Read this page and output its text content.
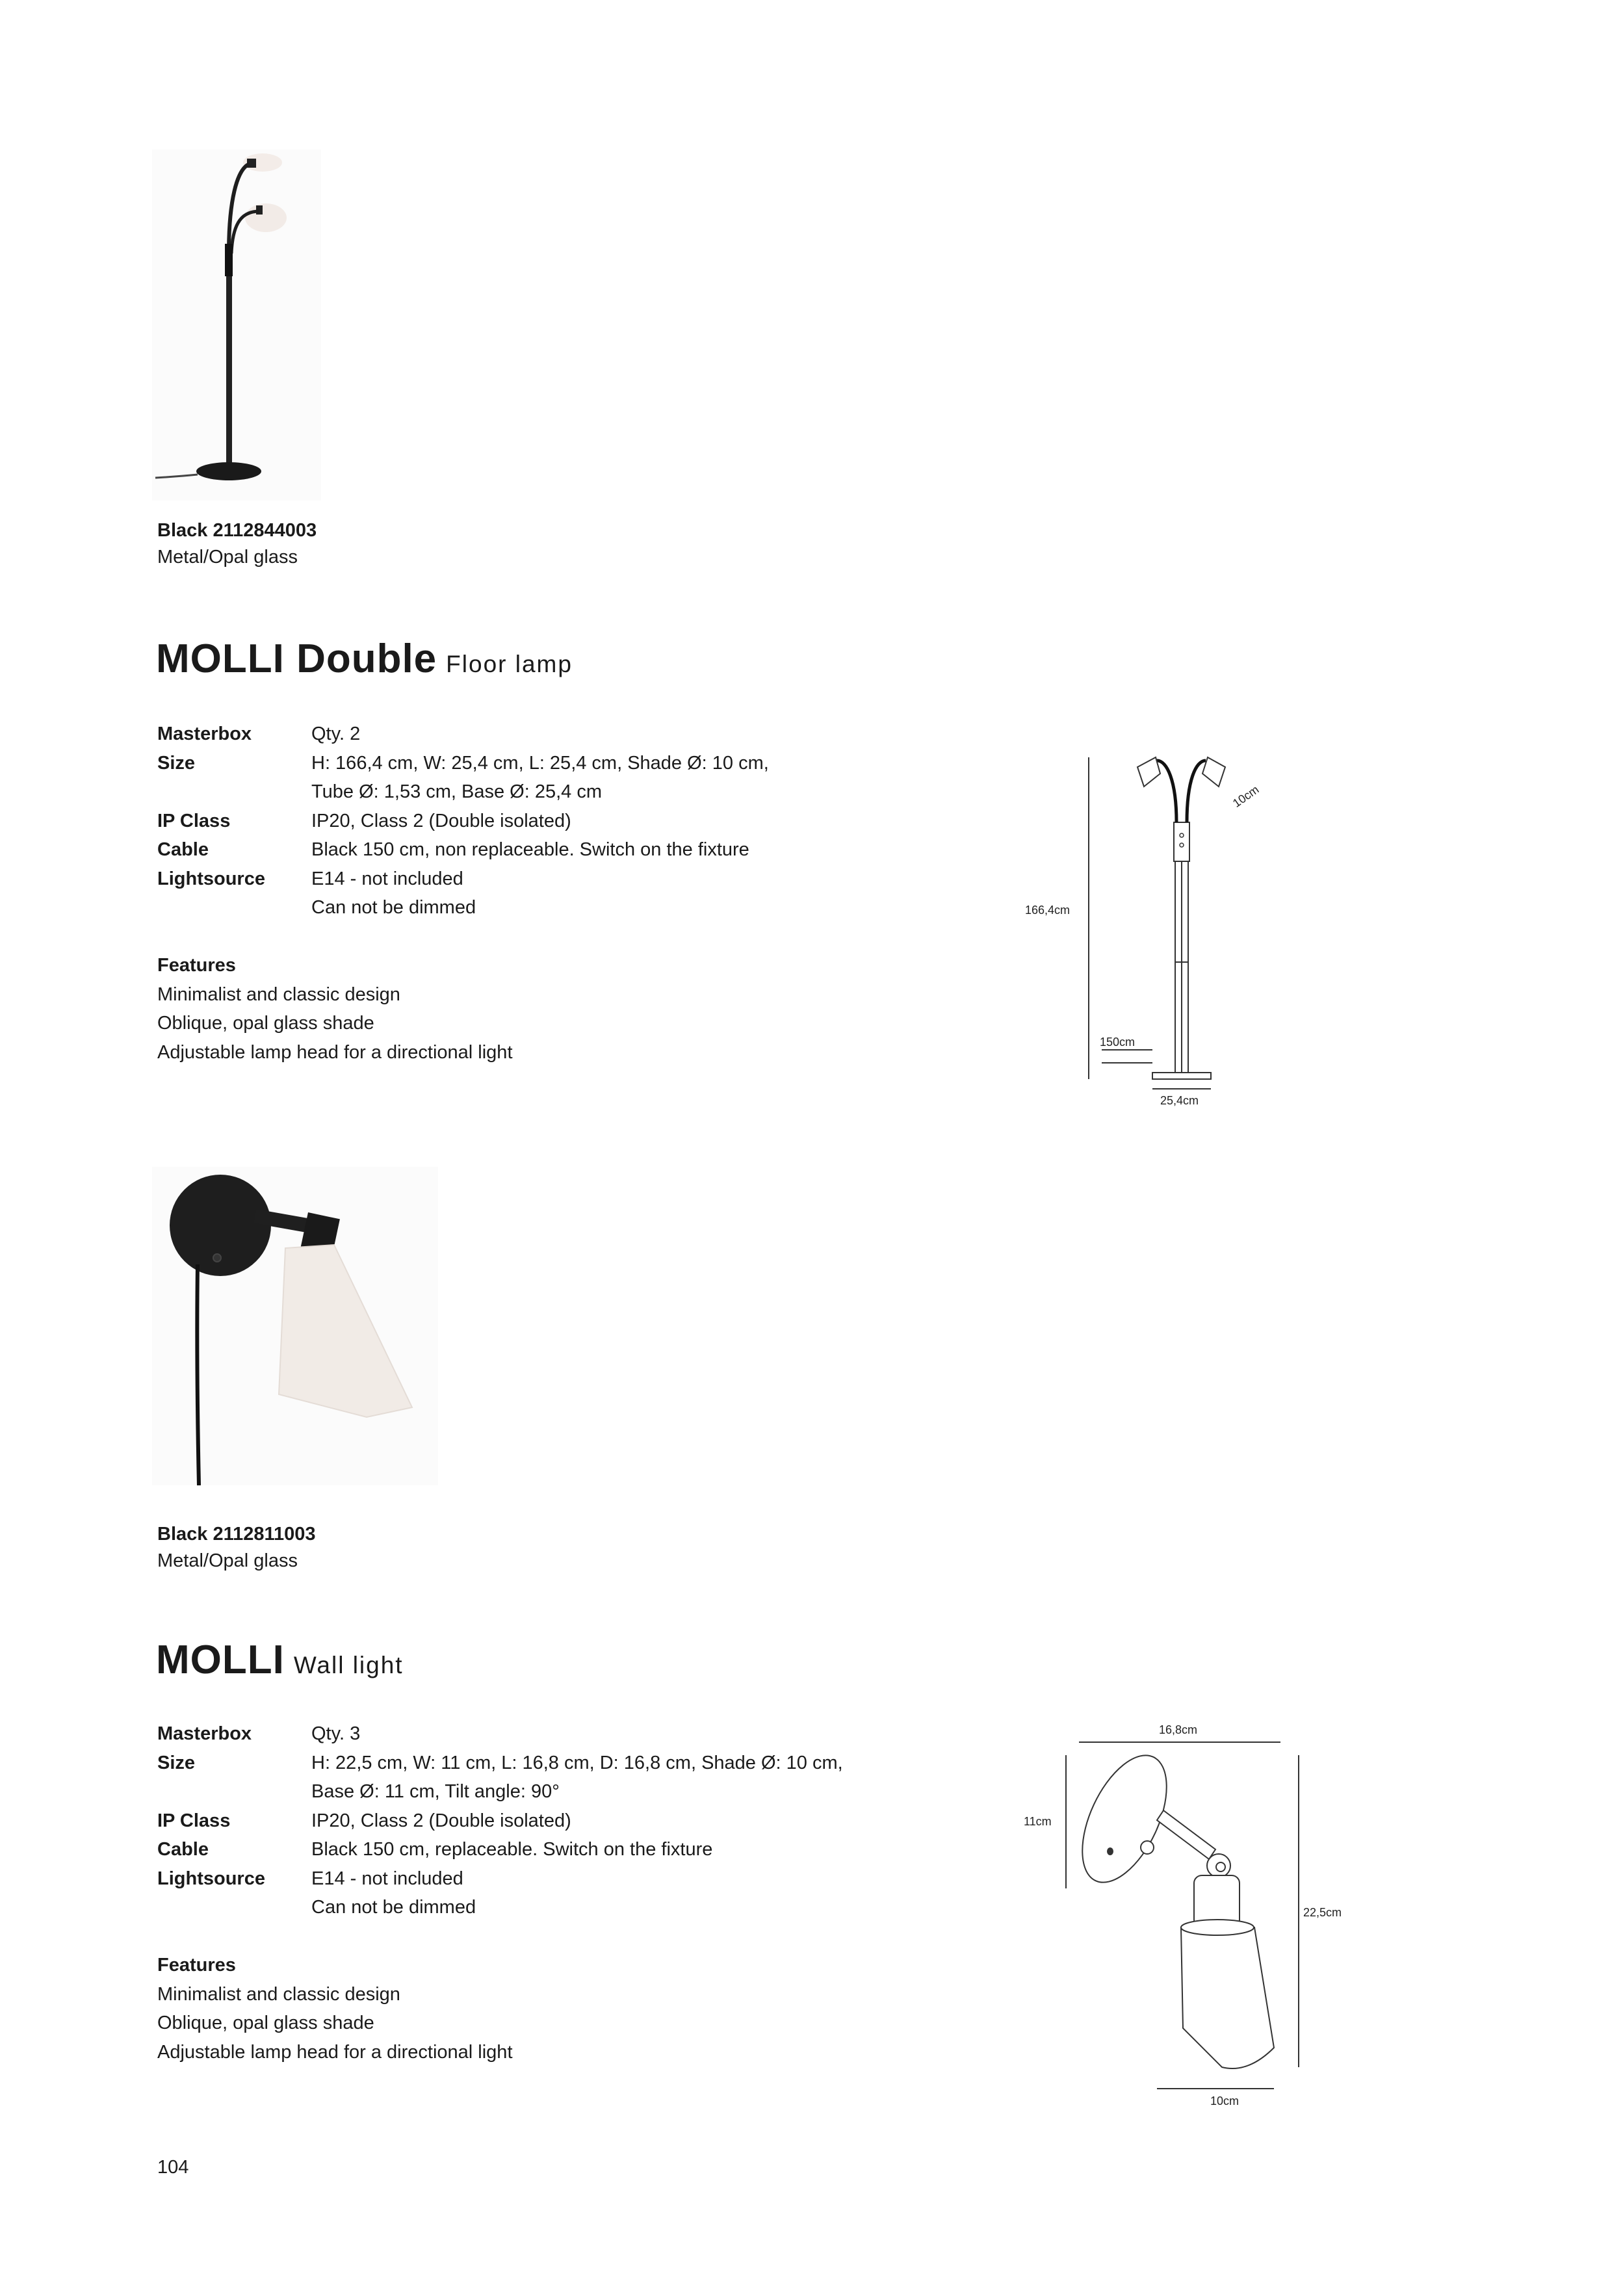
Black 2112844003
Metal/Opal glass
MOLLI Double Floor lamp
Masterbox	Qty. 2
Size	H: 166,4 cm, W: 25,4 cm, L: 25,4 cm, Shade Ø: 10 cm,
Tube Ø: 1,53 cm, Base Ø: 25,4 cm
IP Class	IP20, Class 2 (Double isolated)
Cable	Black 150 cm, non replaceable. Switch on the fixture
Lightsource	E14 - not included
Can not be dimmed
Features
Minimalist and classic design
Oblique, opal glass shade
Adjustable lamp head for a directional light
166,4cm
10cm
150cm
25,4cm
Black 2112811003
Metal/Opal glass
MOLLI Wall light
Masterbox	Qty. 3
Size	H: 22,5 cm, W: 11 cm, L: 16,8 cm, D: 16,8 cm, Shade Ø: 10 cm,
Base Ø: 11 cm, Tilt angle: 90°
IP Class	IP20, Class 2 (Double isolated)
Cable	Black 150 cm, replaceable. Switch on the fixture
Lightsource	E14 - not included
Can not be dimmed
Features
Minimalist and classic design
Oblique, opal glass shade
Adjustable lamp head for a directional light
16,8cm
11cm
22,5cm
10cm
104
